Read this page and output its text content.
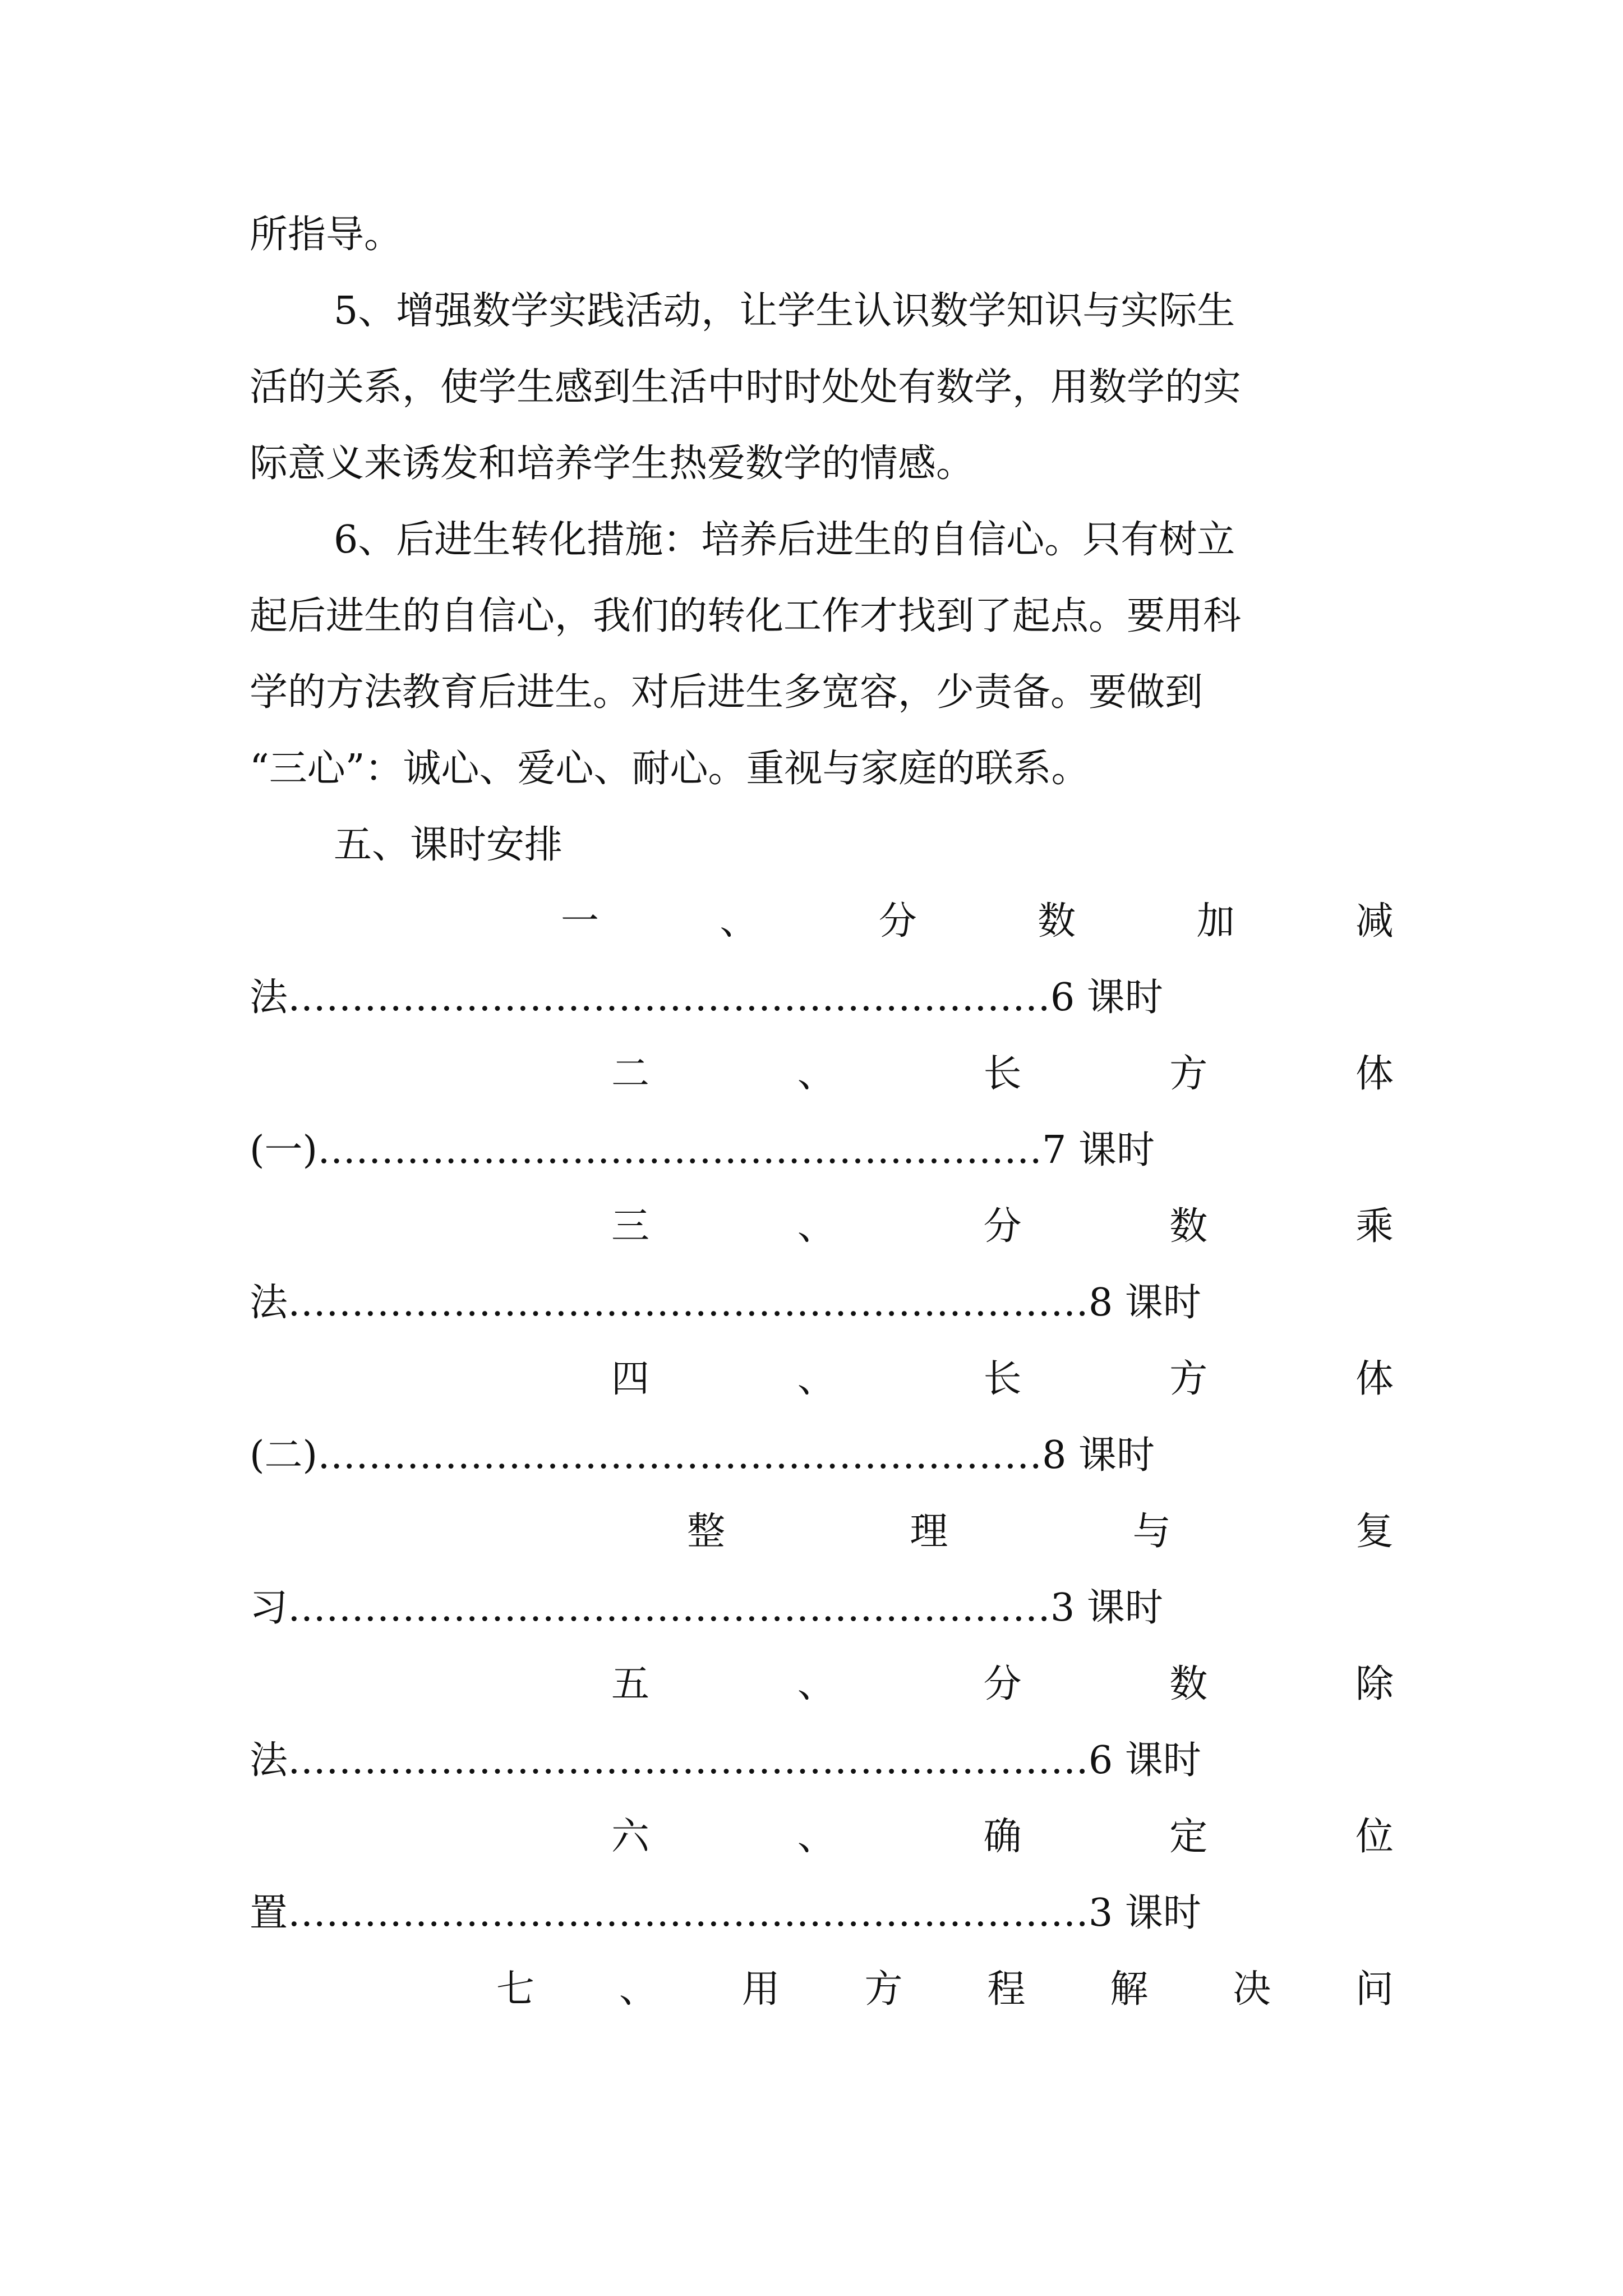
所指导。
5、增强数学实践活动，让学生认识数学知识与实际生
活的关系，使学生感到生活中时时处处有数学，用数学的实
际意义来诱发和培养学生热爱数学的情感。
6、后进生转化措施：培养后进生的自信心。只有树立
起后进生的自信心，我们的转化工作才找到了起点。要用科
学的方法教育后进生。对后进生多宽容，少责备。要做到
“三心”：诚心、爱心、耐心。重视与家庭的联系。
五、课时安排
一	、	分	数	加	减
法……………………………………………………6 课时
二	、	长	方	体
(一)…………………………………………………7 课时
三	、	分	数	乘
法………………………………………………………8 课时
四	、	长	方	体
(二)…………………………………………………8 课时
整	理	与	复
习……………………………………………………3 课时
五	、	分	数	除
法………………………………………………………6 课时
六	、	确	定	位
置………………………………………………………3 课时
七 、 用 方 程 解 决 问
